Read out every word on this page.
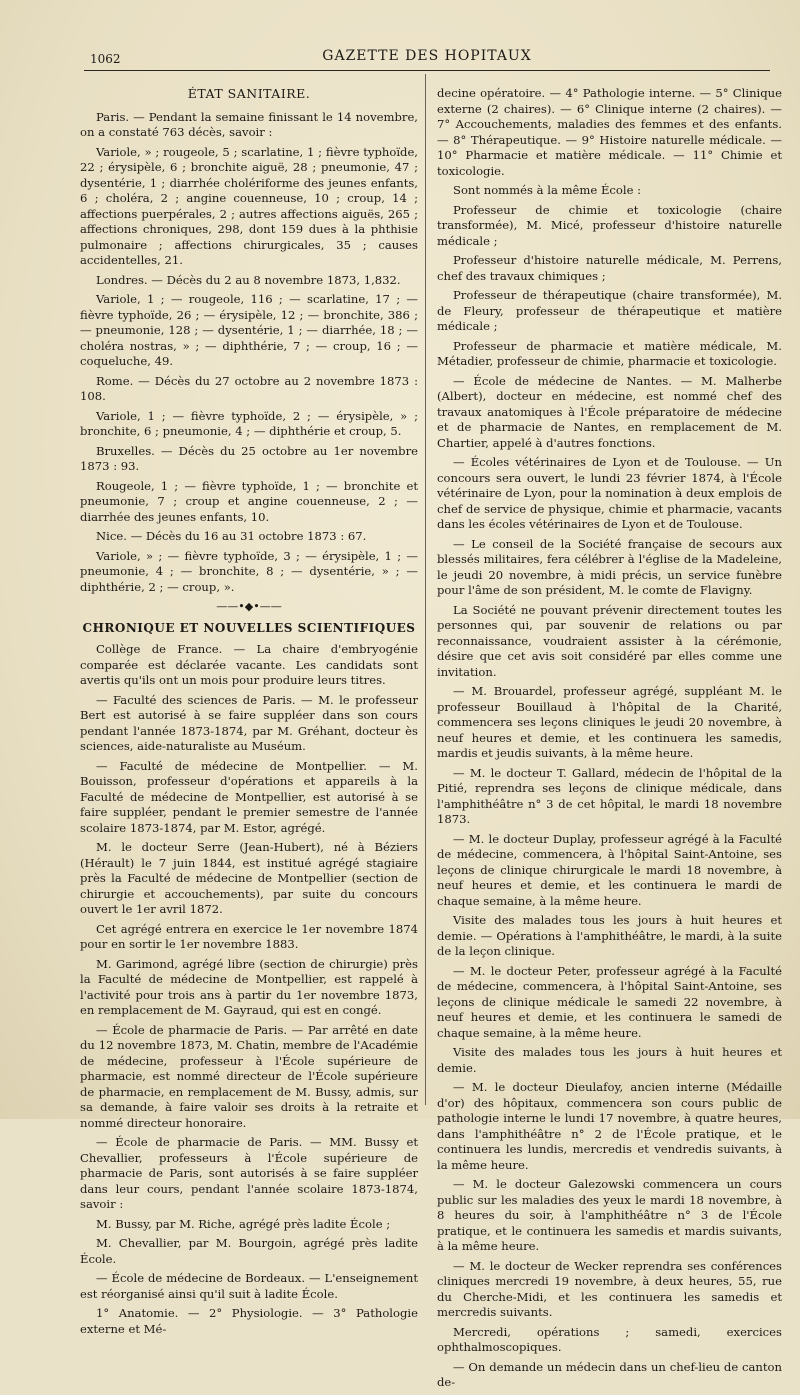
1062	GAZETTE DES HOPITAUX
ÉTAT SANITAIRE.

Paris. — Pendant la semaine finissant le 14 novembre, on a constaté 763 décès, savoir :

Variole, » ; rougeole, 5 ; scarlatine, 1 ; fièvre typhoïde, 22 ; érysipèle, 6 ; bronchite aiguë, 28 ; pneumonie, 47 ; dysentérie, 1 ; diarrhée cholériforme des jeunes enfants, 6 ; choléra, 2 ; angine couenneuse, 10 ; croup, 14 ; affections puerpérales, 2 ; autres affections aiguës, 265 ; affections chroniques, 298, dont 159 dues à la phthisie pulmonaire ; affections chirurgicales, 35 ; causes accidentelles, 21.

Londres. — Décès du 2 au 8 novembre 1873, 1,832.

Variole, 1 ; — rougeole, 116 ; — scarlatine, 17 ; — fièvre typhoïde, 26 ; — érysipèle, 12 ; — bronchite, 386 ; — pneumonie, 128 ; — dysentérie, 1 ; — diarrhée, 18 ; — choléra nostras, » ; — diphthérie, 7 ; — croup, 16 ; — coqueluche, 49.

Rome. — Décès du 27 octobre au 2 novembre 1873 : 108.

Variole, 1 ; — fièvre typhoïde, 2 ; — érysipèle, » ; bronchite, 6 ; pneumonie, 4 ; — diphthérie et croup, 5.

Bruxelles. — Décès du 25 octobre au 1er novembre 1873 : 93.

Rougeole, 1 ; — fièvre typhoïde, 1 ; — bronchite et pneumonie, 7 ; croup et angine couenneuse, 2 ; — diarrhée des jeunes enfants, 10.

Nice. — Décès du 16 au 31 octobre 1873 : 67.

Variole, » ; — fièvre typhoïde, 3 ; — érysipèle, 1 ; — pneumonie, 4 ; — bronchite, 8 ; — dysentérie, » ; — diphthérie, 2 ; — croup, ».

——•◆•——
CHRONIQUE ET NOUVELLES SCIENTIFIQUES

Collège de France. — La chaire d'embryogénie comparée est déclarée vacante. Les candidats sont avertis qu'ils ont un mois pour produire leurs titres.

— Faculté des sciences de Paris. — M. le professeur Bert est autorisé à se faire suppléer dans son cours pendant l'année 1873-1874, par M. Gréhant, docteur ès sciences, aide-naturaliste au Muséum.

— Faculté de médecine de Montpellier. — M. Bouisson, professeur d'opérations et appareils à la Faculté de médecine de Montpellier, est autorisé à se faire suppléer, pendant le premier semestre de l'année scolaire 1873-1874, par M. Estor, agrégé.

M. le docteur Serre (Jean-Hubert), né à Béziers (Hérault) le 7 juin 1844, est institué agrégé stagiaire près la Faculté de médecine de Montpellier (section de chirurgie et accouchements), par suite du concours ouvert le 1er avril 1872.

Cet agrégé entrera en exercice le 1er novembre 1874 pour en sortir le 1er novembre 1883.

M. Garimond, agrégé libre (section de chirurgie) près la Faculté de médecine de Montpellier, est rappelé à l'activité pour trois ans à partir du 1er novembre 1873, en remplacement de M. Gayraud, qui est en congé.

— École de pharmacie de Paris. — Par arrêté en date du 12 novembre 1873, M. Chatin, membre de l'Académie de médecine, professeur à l'École supérieure de pharmacie, est nommé directeur de l'École supérieure de pharmacie, en remplacement de M. Bussy, admis, sur sa demande, à faire valoir ses droits à la retraite et nommé directeur honoraire.

— École de pharmacie de Paris. — MM. Bussy et Chevallier, professeurs à l'École supérieure de pharmacie de Paris, sont autorisés à se faire suppléer dans leur cours, pendant l'année scolaire 1873-1874, savoir :

M. Bussy, par M. Riche, agrégé près ladite École ;

M. Chevallier, par M. Bourgoin, agrégé près ladite École.

— École de médecine de Bordeaux. — L'enseignement est réorganisé ainsi qu'il suit à ladite École.

1° Anatomie. — 2° Physiologie. — 3° Pathologie externe et Mé-

decine opératoire. — 4° Pathologie interne. — 5° Clinique externe (2 chaires). — 6° Clinique interne (2 chaires). — 7° Accouchements, maladies des femmes et des enfants. — 8° Thérapeutique. — 9° Histoire naturelle médicale. — 10° Pharmacie et matière médicale. — 11° Chimie et toxicologie.

Sont nommés à la même École :

Professeur de chimie et toxicologie (chaire transformée), M. Micé, professeur d'histoire naturelle médicale ;

Professeur d'histoire naturelle médicale, M. Perrens, chef des travaux chimiques ;

Professeur de thérapeutique (chaire transformée), M. de Fleury, professeur de thérapeutique et matière médicale ;

Professeur de pharmacie et matière médicale, M. Métadier, professeur de chimie, pharmacie et toxicologie.

— École de médecine de Nantes. — M. Malherbe (Albert), docteur en médecine, est nommé chef des travaux anatomiques à l'École préparatoire de médecine et de pharmacie de Nantes, en remplacement de M. Chartier, appelé à d'autres fonctions.

— Écoles vétérinaires de Lyon et de Toulouse. — Un concours sera ouvert, le lundi 23 février 1874, à l'École vétérinaire de Lyon, pour la nomination à deux emplois de chef de service de physique, chimie et pharmacie, vacants dans les écoles vétérinaires de Lyon et de Toulouse.

— Le conseil de la Société française de secours aux blessés militaires, fera célébrer à l'église de la Madeleine, le jeudi 20 novembre, à midi précis, un service funèbre pour l'âme de son président, M. le comte de Flavigny.

La Société ne pouvant prévenir directement toutes les personnes qui, par souvenir de relations ou par reconnaissance, voudraient assister à la cérémonie, désire que cet avis soit considéré par elles comme une invitation.

— M. Brouardel, professeur agrégé, suppléant M. le professeur Bouillaud à l'hôpital de la Charité, commencera ses leçons cliniques le jeudi 20 novembre, à neuf heures et demie, et les continuera les samedis, mardis et jeudis suivants, à la même heure.

— M. le docteur T. Gallard, médecin de l'hôpital de la Pitié, reprendra ses leçons de clinique médicale, dans l'amphithéâtre n° 3 de cet hôpital, le mardi 18 novembre 1873.

— M. le docteur Duplay, professeur agrégé à la Faculté de médecine, commencera, à l'hôpital Saint-Antoine, ses leçons de clinique chirurgicale le mardi 18 novembre, à neuf heures et demie, et les continuera le mardi de chaque semaine, à la même heure.

Visite des malades tous les jours à huit heures et demie. — Opérations à l'amphithéâtre, le mardi, à la suite de la leçon clinique.

— M. le docteur Peter, professeur agrégé à la Faculté de médecine, commencera, à l'hôpital Saint-Antoine, ses leçons de clinique médicale le samedi 22 novembre, à neuf heures et demie, et les continuera le samedi de chaque semaine, à la même heure.

Visite des malades tous les jours à huit heures et demie.

— M. le docteur Dieulafoy, ancien interne (Médaille d'or) des hôpitaux, commencera son cours public de pathologie interne le lundi 17 novembre, à quatre heures, dans l'amphithéâtre n° 2 de l'École pratique, et le continuera les lundis, mercredis et vendredis suivants, à la même heure.

— M. le docteur Galezowski commencera un cours public sur les maladies des yeux le mardi 18 novembre, à 8 heures du soir, à l'amphithéâtre n° 3 de l'École pratique, et le continuera les samedis et mardis suivants, à la même heure.

— M. le docteur de Wecker reprendra ses conférences cliniques mercredi 19 novembre, à deux heures, 55, rue du Cherche-Midi, et les continuera les samedis et mercredis suivants.

Mercredi, opérations ; samedi, exercices ophthalmoscopiques.

— On demande un médecin dans un chef-lieu de canton de-
